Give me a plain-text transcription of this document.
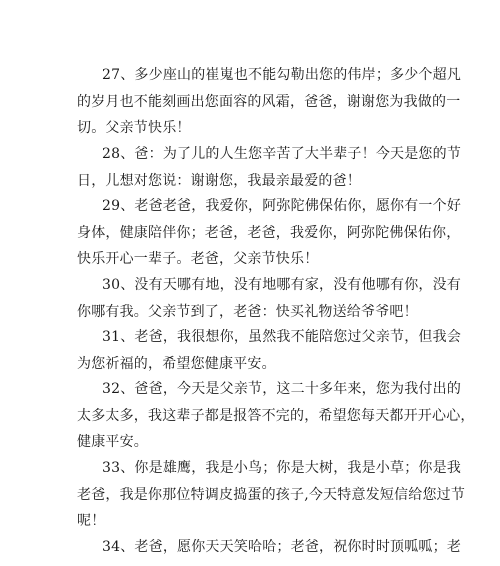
27、多少座山的崔嵬也不能勾勒出您的伟岸；多少个超凡
的岁月也不能刻画出您面容的风霜，爸爸，谢谢您为我做的一
切。父亲节快乐！
28、爸：为了儿的人生您辛苦了大半辈子！今天是您的节
日，儿想对您说：谢谢您，我最亲最爱的爸！
29、老爸老爸，我爱你，阿弥陀佛保佑你，愿你有一个好
身体，健康陪伴你；老爸，老爸，我爱你，阿弥陀佛保佑你，
快乐开心一辈子。老爸，父亲节快乐！
30、没有天哪有地，没有地哪有家，没有他哪有你，没有
你哪有我。父亲节到了，老爸：快买礼物送给爷爷吧！
31、老爸，我很想你，虽然我不能陪您过父亲节，但我会
为您祈福的，希望您健康平安。
32、爸爸，今天是父亲节，这二十多年来，您为我付出的
太多太多，我这辈子都是报答不完的，希望您每天都开开心心，
健康平安。
33、你是雄鹰，我是小鸟；你是大树，我是小草；你是我
老爸，我是你那位特调皮捣蛋的孩子,今天特意发短信给您过节
呢！
34、老爸，愿你天天笑哈哈；老爸，祝你时时顶呱呱；老
